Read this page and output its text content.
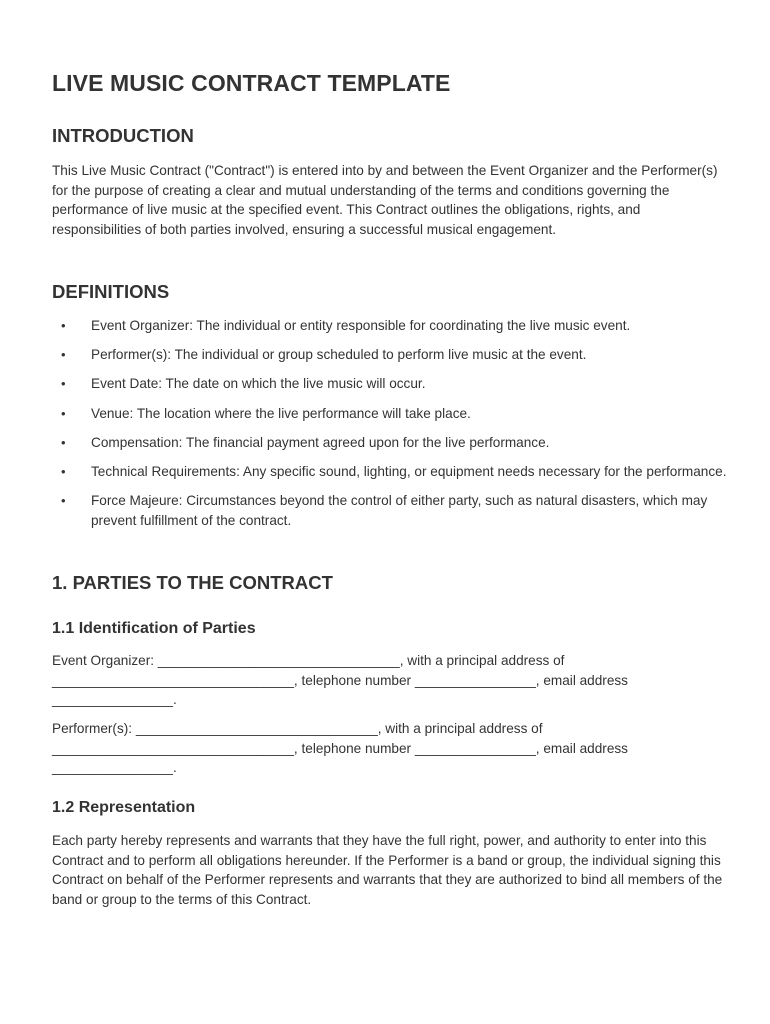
LIVE MUSIC CONTRACT TEMPLATE
INTRODUCTION

This Live Music Contract ("Contract") is entered into by and between the Event Organizer and the Performer(s) for the purpose of creating a clear and mutual understanding of the terms and conditions governing the performance of live music at the specified event. This Contract outlines the obligations, rights, and responsibilities of both parties involved, ensuring a successful musical engagement.

DEFINITIONS
• Event Organizer: The individual or entity responsible for coordinating the live music event.
• Performer(s): The individual or group scheduled to perform live music at the event.
• Event Date: The date on which the live music will occur.
• Venue: The location where the live performance will take place.
• Compensation: The financial payment agreed upon for the live performance.
• Technical Requirements: Any specific sound, lighting, or equipment needs necessary for the performance.
• Force Majeure: Circumstances beyond the control of either party, such as natural disasters, which may prevent fulfillment of the contract.
1. PARTIES TO THE CONTRACT
1.1 Identification of Parties

Event Organizer: ________________________________, with a principal address of ________________________________, telephone number ________________, email address ________________.

Performer(s): ________________________________, with a principal address of ________________________________, telephone number ________________, email address ________________.

1.2 Representation

Each party hereby represents and warrants that they have the full right, power, and authority to enter into this Contract and to perform all obligations hereunder. If the Performer is a band or group, the individual signing this Contract on behalf of the Performer represents and warrants that they are authorized to bind all members of the band or group to the terms of this Contract.
